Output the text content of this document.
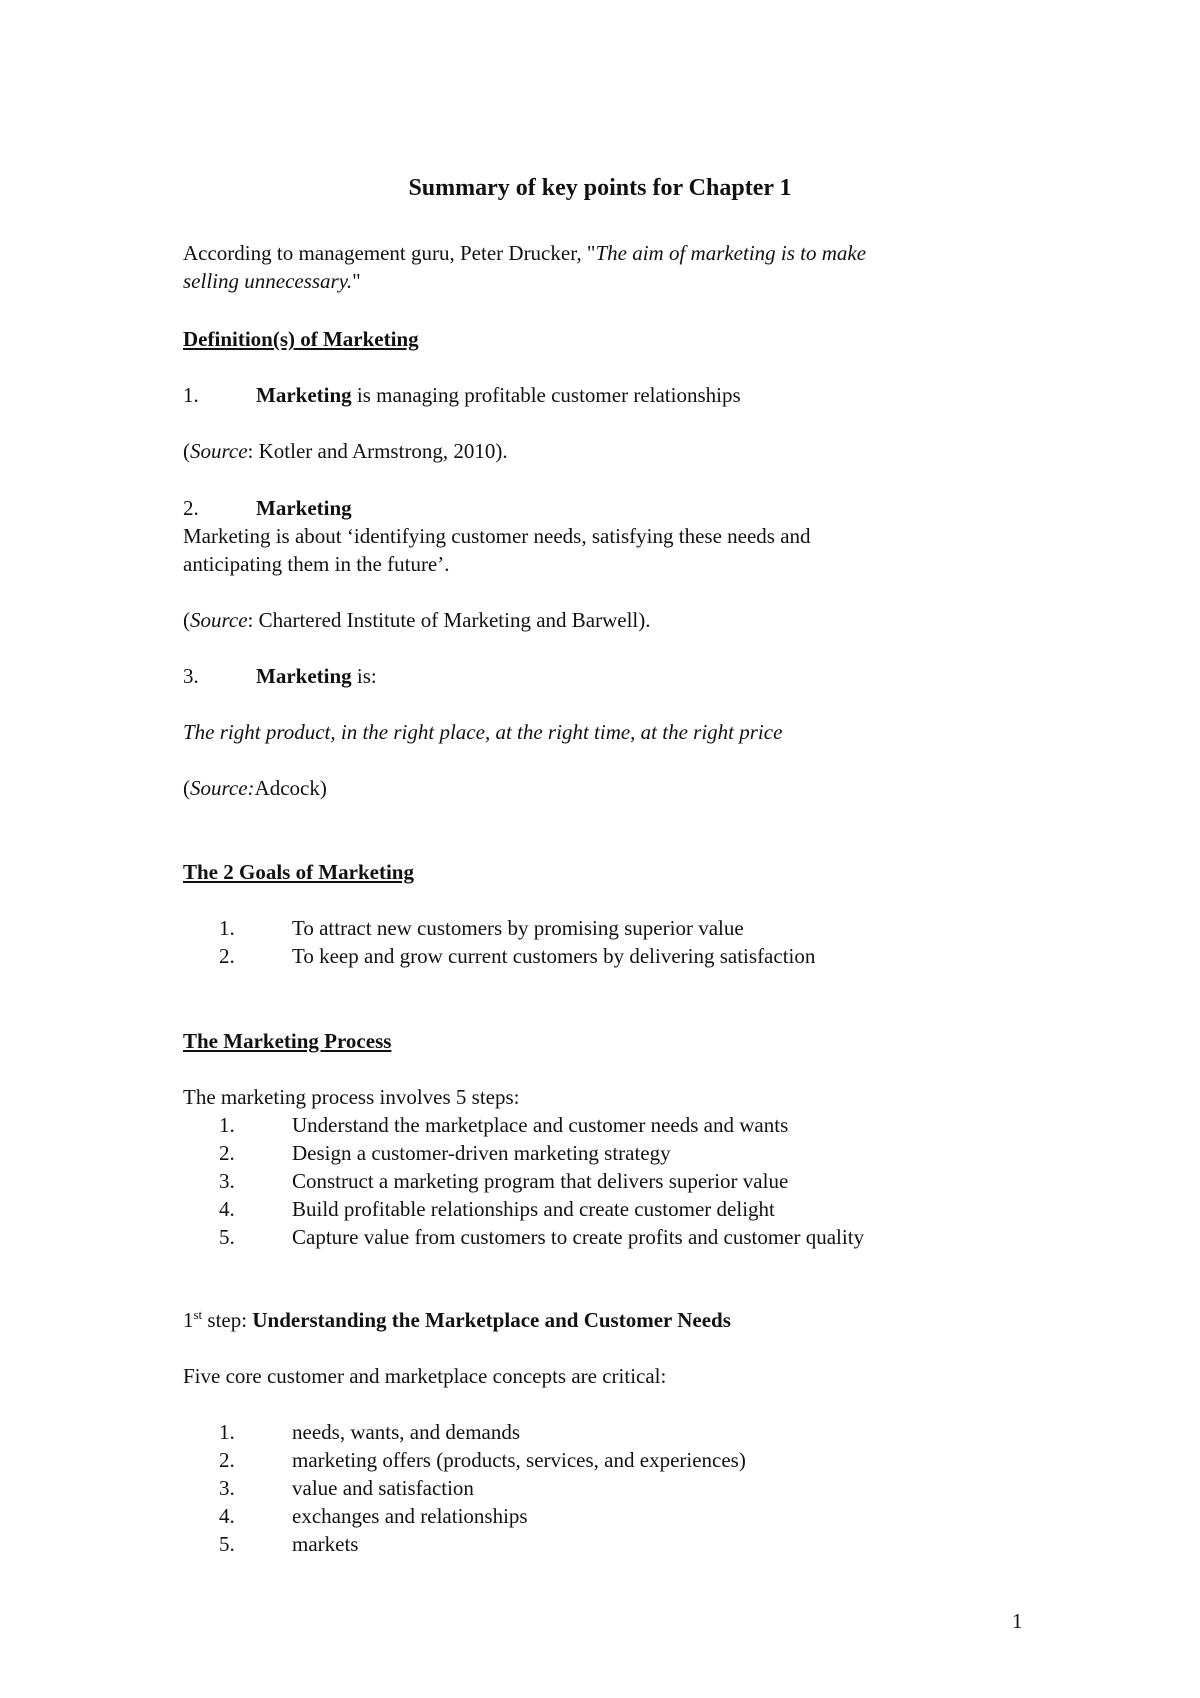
Summary of key points for Chapter 1
According to management guru, Peter Drucker, "The aim of marketing is to make
selling unnecessary."
Definition(s) of Marketing
1.	Marketing is managing profitable customer relationships
(Source: Kotler and Armstrong, 2010).
2.	Marketing
Marketing is about ‘identifying customer needs, satisfying these needs and
anticipating them in the future’.
(Source: Chartered Institute of Marketing and Barwell).
3.	Marketing is:
The right product, in the right place, at the right time, at the right price
(Source:Adcock)
The 2 Goals of Marketing
1.	To attract new customers by promising superior value
2.	To keep and grow current customers by delivering satisfaction
The Marketing Process
The marketing process involves 5 steps:
1.	Understand the marketplace and customer needs and wants
2.	Design a customer-driven marketing strategy
3.	Construct a marketing program that delivers superior value
4.	Build profitable relationships and create customer delight
5.	Capture value from customers to create profits and customer quality
1st step: Understanding the Marketplace and Customer Needs
Five core customer and marketplace concepts are critical:
1.	needs, wants, and demands
2.	marketing offers (products, services, and experiences)
3.	value and satisfaction
4.	exchanges and relationships
5.	markets
1
